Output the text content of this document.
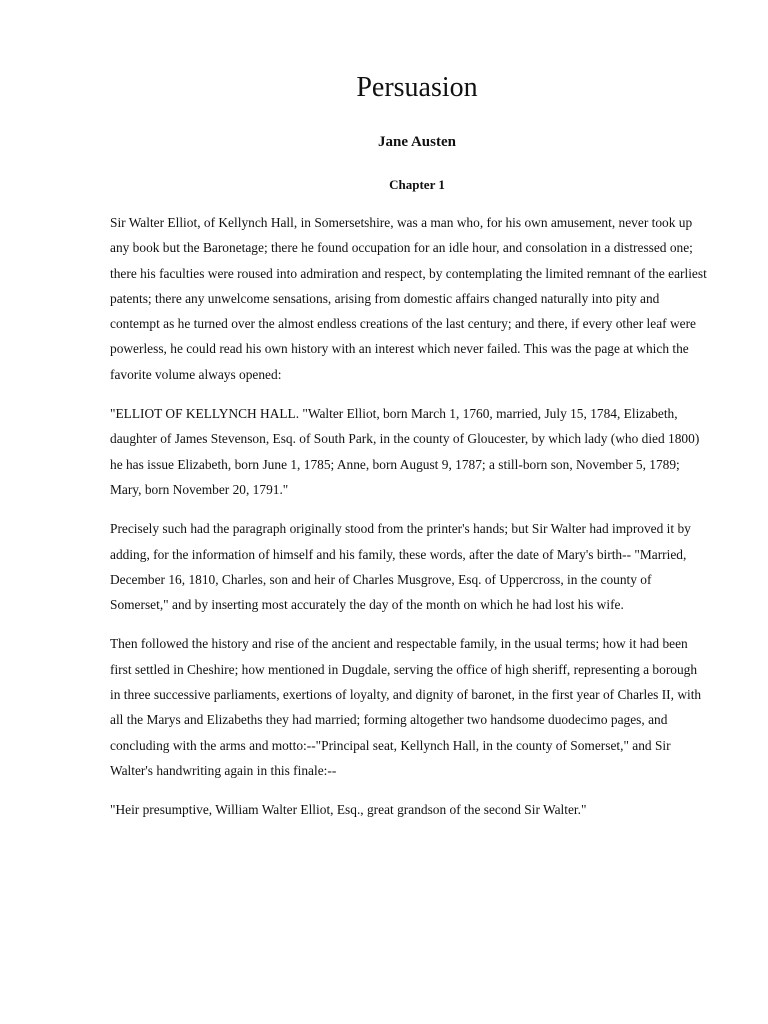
Persuasion
Jane Austen
Chapter 1

Sir Walter Elliot, of Kellynch Hall, in Somersetshire, was a man who, for his own amusement, never took up any book but the Baronetage; there he found occupation for an idle hour, and consolation in a distressed one; there his faculties were roused into admiration and respect, by contemplating the limited remnant of the earliest patents; there any unwelcome sensations, arising from domestic affairs changed naturally into pity and contempt as he turned over the almost endless creations of the last century; and there, if every other leaf were powerless, he could read his own history with an interest which never failed. This was the page at which the favorite volume always opened:

"ELLIOT OF KELLYNCH HALL. "Walter Elliot, born March 1, 1760, married, July 15, 1784, Elizabeth, daughter of James Stevenson, Esq. of South Park, in the county of Gloucester, by which lady (who died 1800) he has issue Elizabeth, born June 1, 1785; Anne, born August 9, 1787; a still-born son, November 5, 1789; Mary, born November 20, 1791."

Precisely such had the paragraph originally stood from the printer's hands; but Sir Walter had improved it by adding, for the information of himself and his family, these words, after the date of Mary's birth-- "Married, December 16, 1810, Charles, son and heir of Charles Musgrove, Esq. of Uppercross, in the county of Somerset," and by inserting most accurately the day of the month on which he had lost his wife.

Then followed the history and rise of the ancient and respectable family, in the usual terms; how it had been first settled in Cheshire; how mentioned in Dugdale, serving the office of high sheriff, representing a borough in three successive parliaments, exertions of loyalty, and dignity of baronet, in the first year of Charles II, with all the Marys and Elizabeths they had married; forming altogether two handsome duodecimo pages, and concluding with the arms and motto:--"Principal seat, Kellynch Hall, in the county of Somerset," and Sir Walter's handwriting again in this finale:--

"Heir presumptive, William Walter Elliot, Esq., great grandson of the second Sir Walter."
